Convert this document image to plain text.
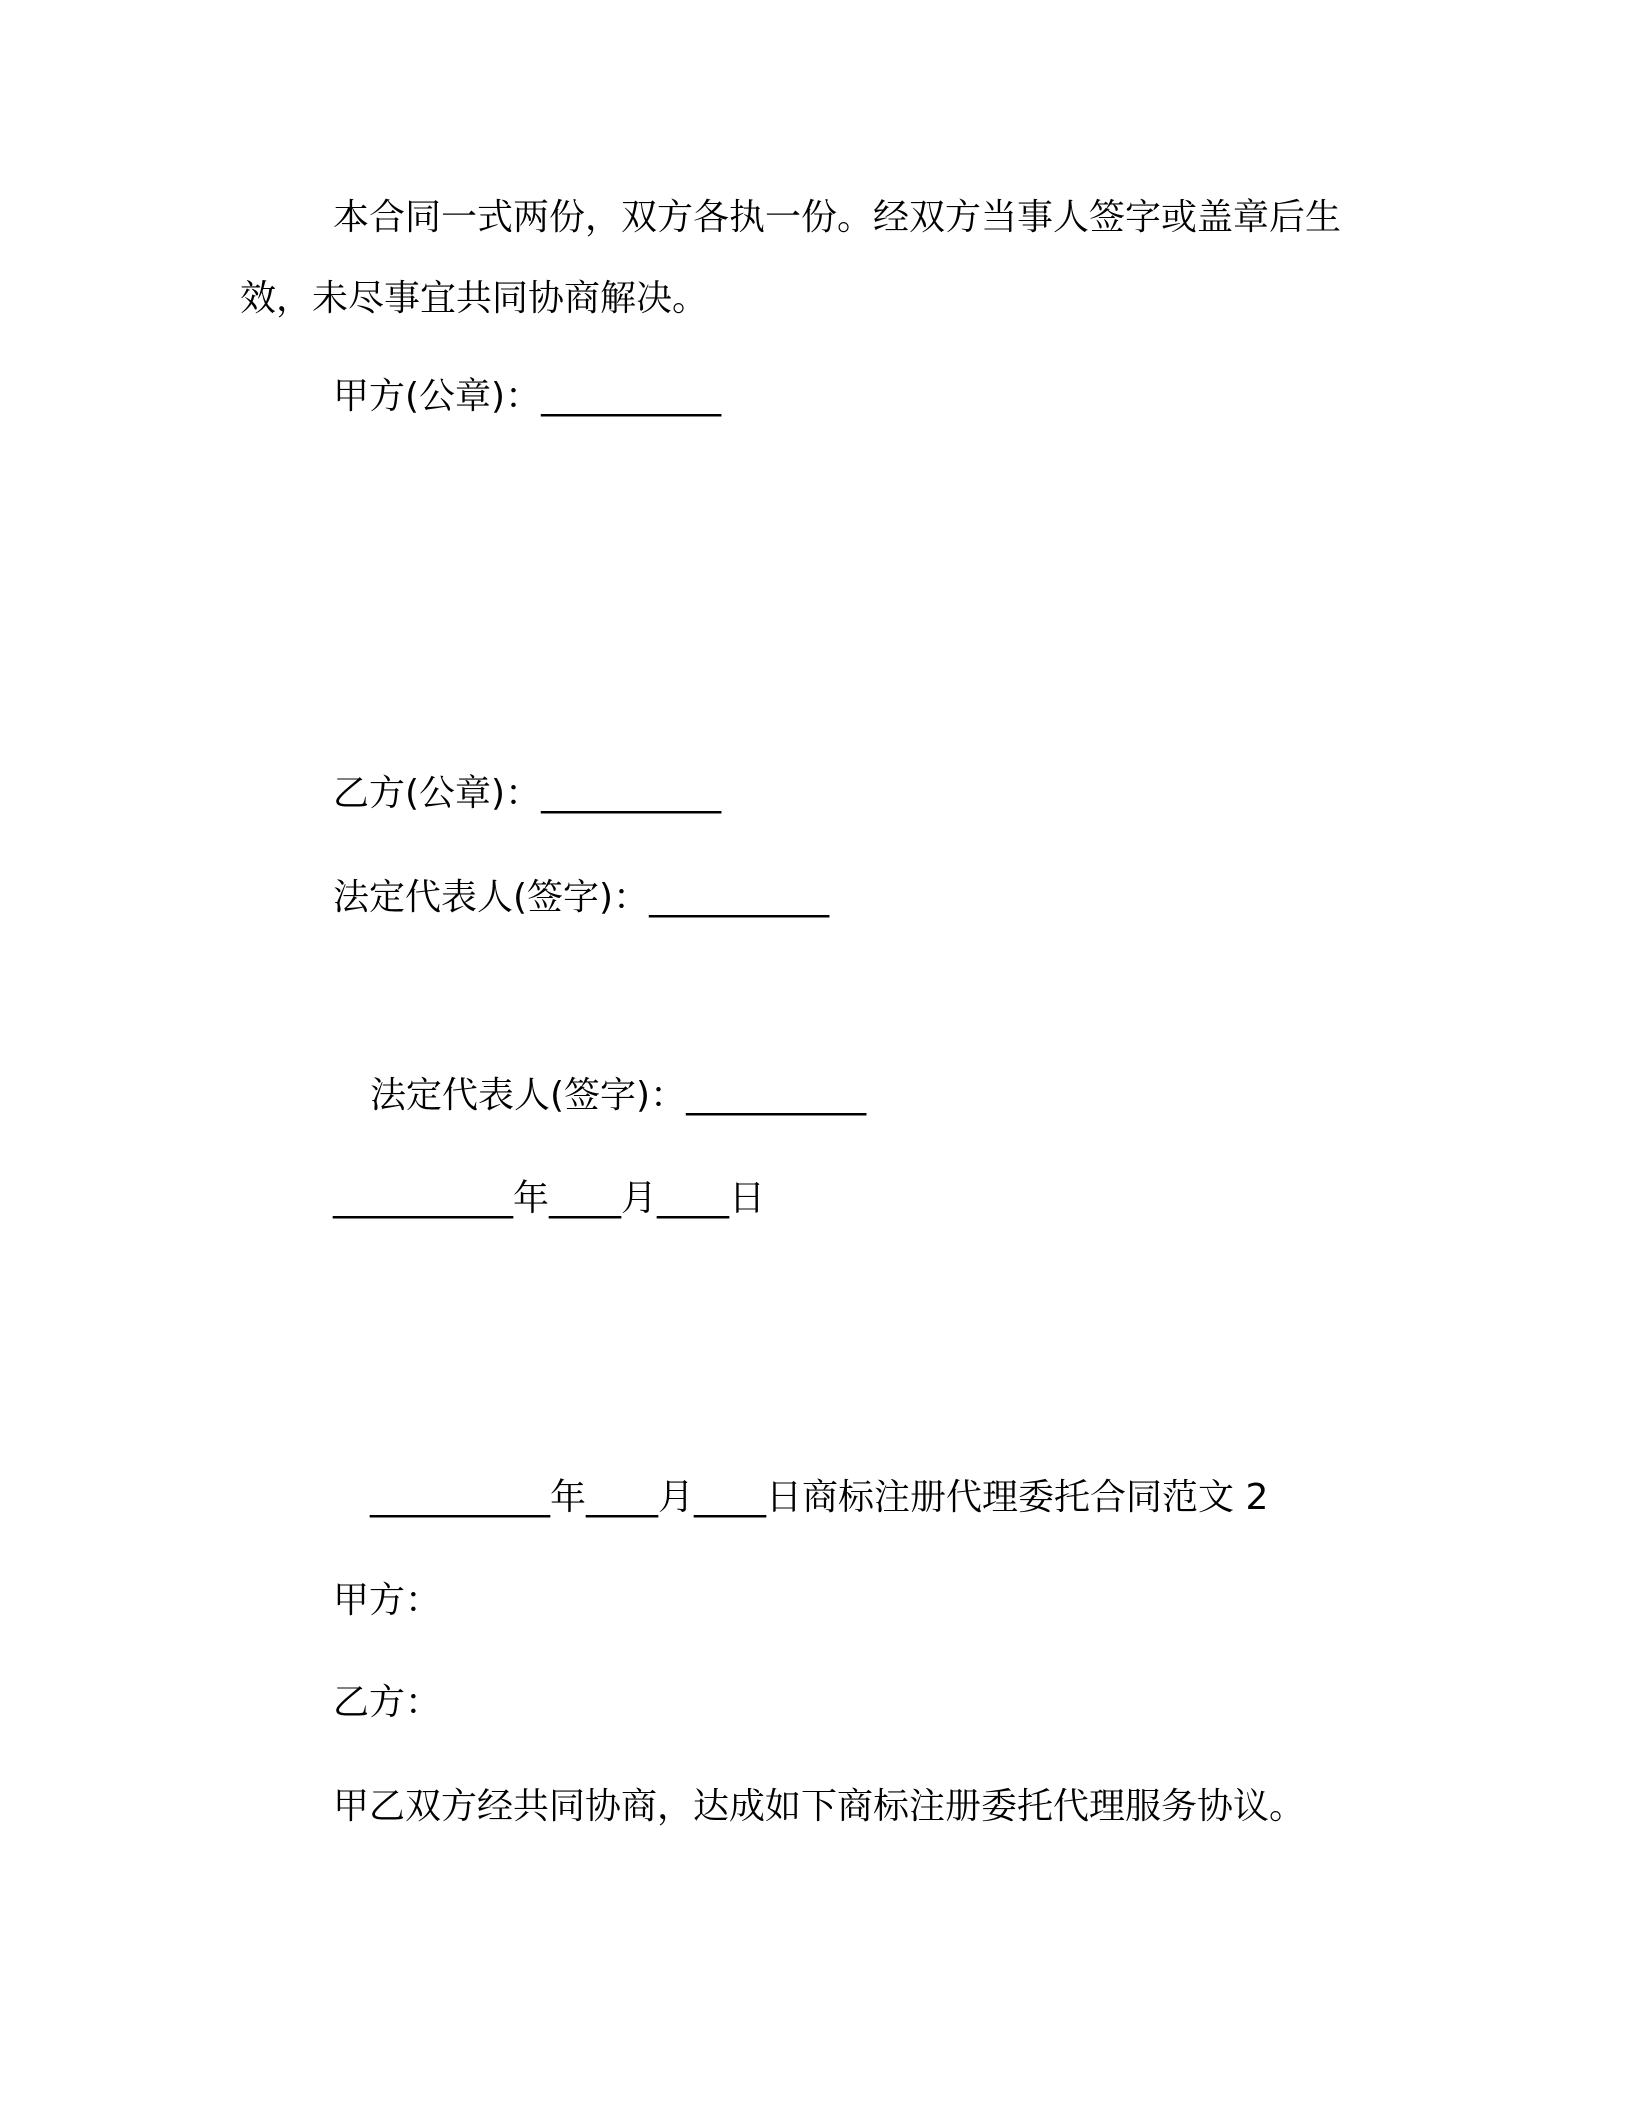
本合同一式两份，双方各执一份。经双方当事人签字或盖章后生
效，未尽事宜共同协商解决。
甲方(公章)：__________
乙方(公章)：__________
法定代表人(签字)：__________
法定代表人(签字)：__________
__________年____月____日
__________年____月____日商标注册代理委托合同范文 2
甲方：
乙方：
甲乙双方经共同协商，达成如下商标注册委托代理服务协议。
